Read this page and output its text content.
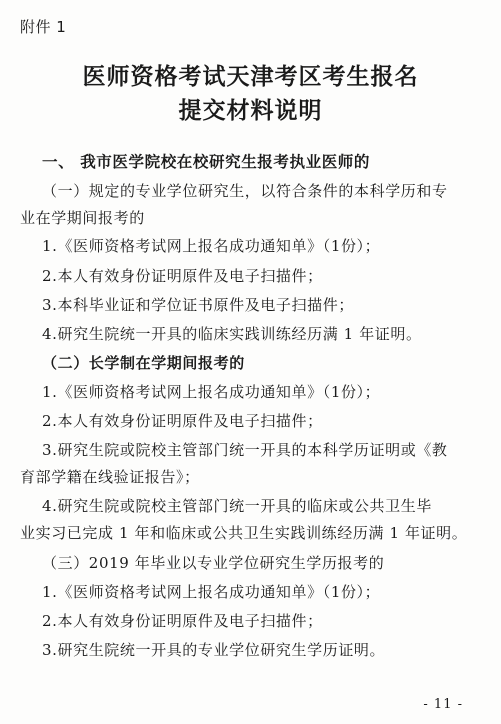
附件 1
医师资格考试天津考区考生报名
提交材料说明
一、 我市医学院校在校研究生报考执业医师的
（一）规定的专业学位研究生，以符合条件的本科学历和专
业在学期间报考的
1.《医师资格考试网上报名成功通知单》（1份）；
2.本人有效身份证明原件及电子扫描件；
3.本科毕业证和学位证书原件及电子扫描件；
4.研究生院统一开具的临床实践训练经历满 1 年证明。
（二）长学制在学期间报考的
1.《医师资格考试网上报名成功通知单》（1份）；
2.本人有效身份证明原件及电子扫描件；
3.研究生院或院校主管部门统一开具的本科学历证明或《教
育部学籍在线验证报告》；
4.研究生院或院校主管部门统一开具的临床或公共卫生毕
业实习已完成 1 年和临床或公共卫生实践训练经历满 1 年证明。
（三）2019 年毕业以专业学位研究生学历报考的
1.《医师资格考试网上报名成功通知单》（1份）；
2.本人有效身份证明原件及电子扫描件；
3.研究生院统一开具的专业学位研究生学历证明。
- 11 -
